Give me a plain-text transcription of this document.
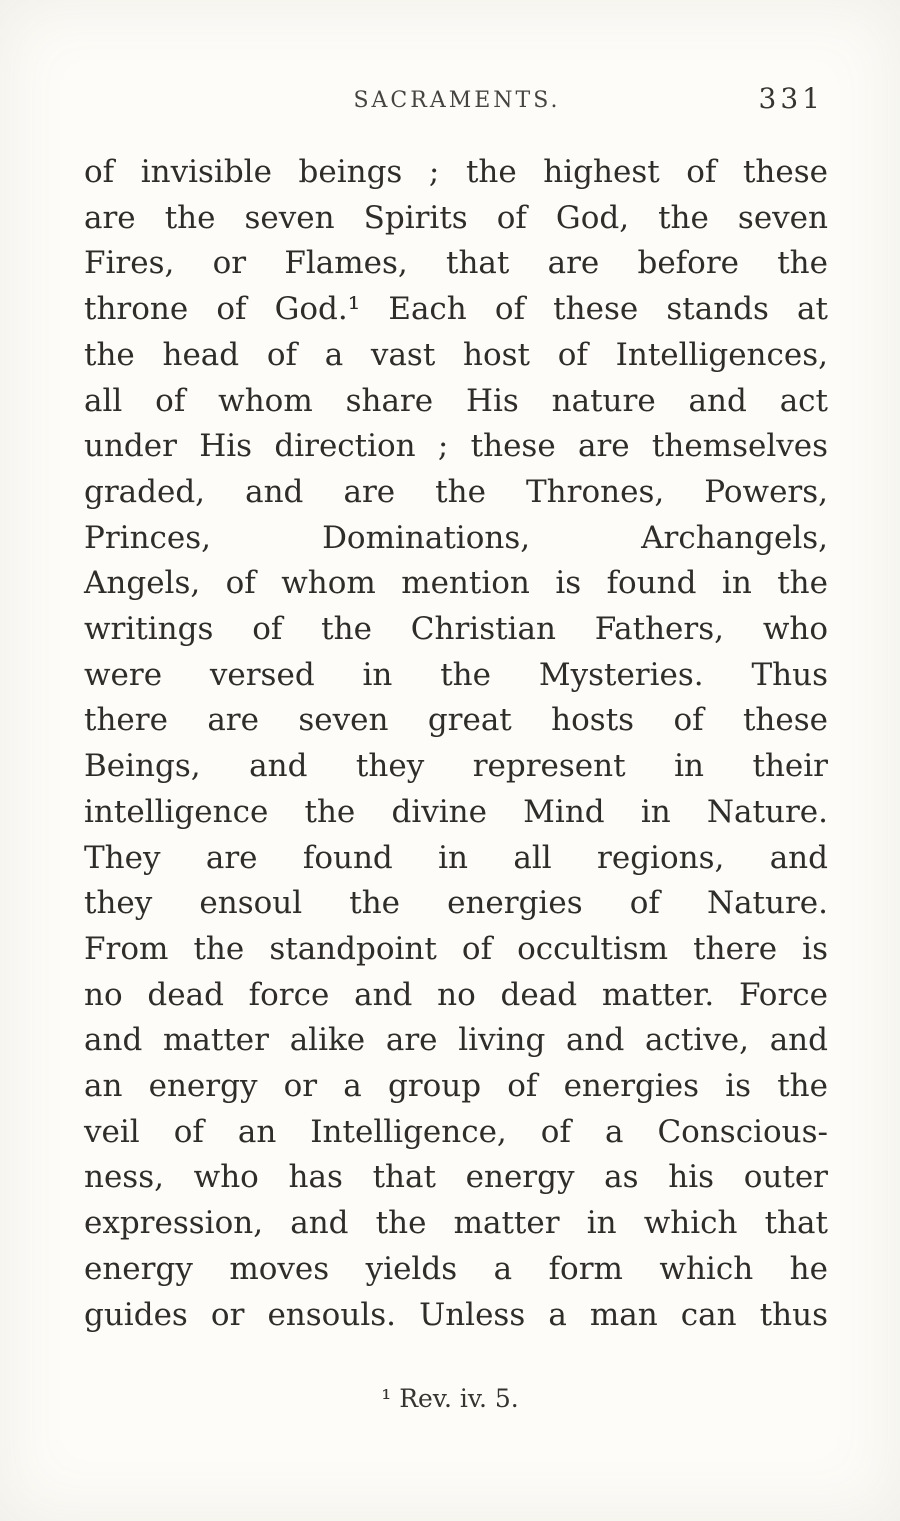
SACRAMENTS.	331
of invisible beings ; the highest of these
are the seven Spirits of God, the seven
Fires, or Flames, that are before the
throne of God.¹ Each of these stands at
the head of a vast host of Intelligences,
all of whom share His nature and act
under His direction ; these are themselves
graded, and are the Thrones, Powers,
Princes, Dominations, Archangels,
Angels, of whom mention is found in the
writings of the Christian Fathers, who
were versed in the Mysteries. Thus
there are seven great hosts of these
Beings, and they represent in their
intelligence the divine Mind in Nature.
They are found in all regions, and
they ensoul the energies of Nature.
From the standpoint of occultism there is
no dead force and no dead matter. Force
and matter alike are living and active, and
an energy or a group of energies is the
veil of an Intelligence, of a Conscious-
ness, who has that energy as his outer
expression, and the matter in which that
energy moves yields a form which he
guides or ensouls. Unless a man can thus
¹ Rev. iv. 5.
